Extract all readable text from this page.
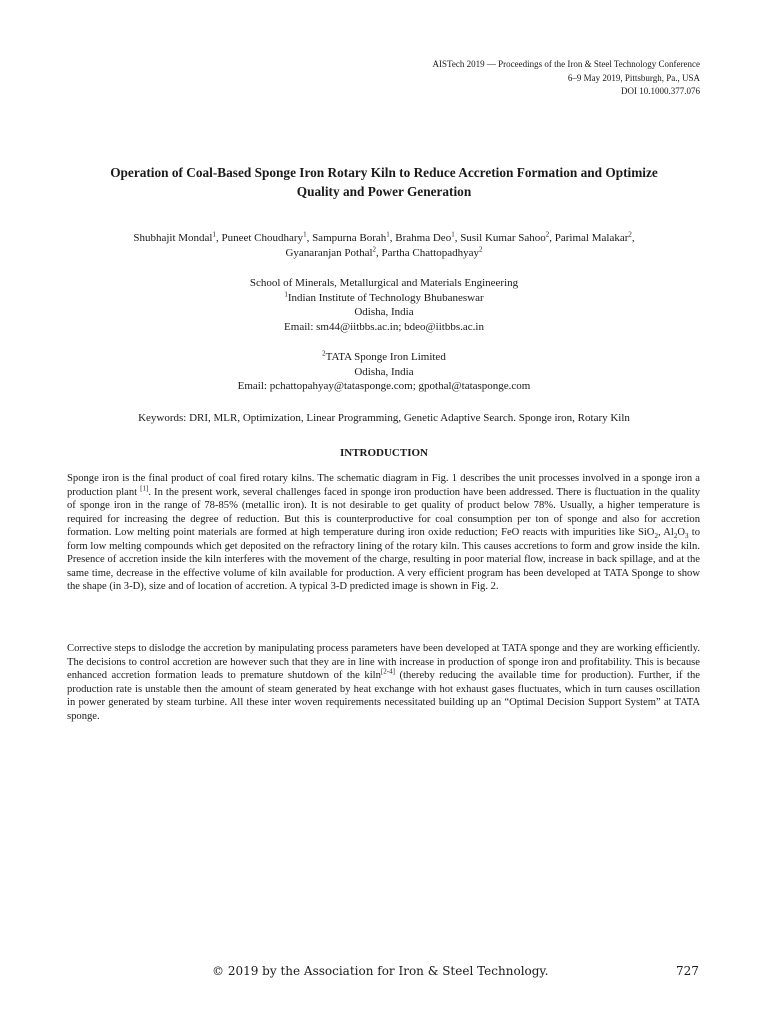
AISTech 2019 — Proceedings of the Iron & Steel Technology Conference
6–9 May 2019, Pittsburgh, Pa., USA
DOI 10.1000.377.076
Operation of Coal-Based Sponge Iron Rotary Kiln to Reduce Accretion Formation and Optimize
Quality and Power Generation
Shubhajit Mondal$^1$, Puneet Choudhary$^1$, Sampurna Borah$^1$, Brahma Deo$^1$, Susil Kumar Sahoo$^2$, Parimal Malakar$^2$,
Gyanaranjan Pothal$^2$, Partha Chattopadhyay$^2$
School of Minerals, Metallurgical and Materials Engineering
$^1$Indian Institute of Technology Bhubaneswar
Odisha, India
Email: sm44@iitbbs.ac.in; bdeo@iitbbs.ac.in
$^2$TATA Sponge Iron Limited
Odisha, India
Email: pchattopahyay@tatasponge.com; gpothal@tatasponge.com
Keywords: DRI, MLR, Optimization, Linear Programming, Genetic Adaptive Search. Sponge iron, Rotary Kiln
INTRODUCTION

Sponge iron is the final product of coal fired rotary kilns. The schematic diagram in Fig. 1 describes the unit processes involved in a sponge iron a production plant [1]. In the present work, several challenges faced in sponge iron production have been addressed. There is fluctuation in the quality of sponge iron in the range of 78-85% (metallic iron). It is not desirable to get quality of product below 78%. Usually, a higher temperature is required for increasing the degree of reduction. But this is counterproductive for coal consumption per ton of sponge and also for accretion formation. Low melting point materials are formed at high temperature during iron oxide reduction; FeO reacts with impurities like SiO$_2$, $Al_2O_3$ to form low melting compounds which get deposited on the refractory lining of the rotary kiln. This causes accretions to form and grow inside the kiln. Presence of accretion inside the kiln interferes with the movement of the charge, resulting in poor material flow, increase in back spillage, and at the same time, decrease in the effective volume of kiln available for production. A very efficient program has been developed at TATA Sponge to show the shape (in 3-D), size and of location of accretion. A typical 3-D predicted image is shown in Fig. 2.

Corrective steps to dislodge the accretion by manipulating process parameters have been developed at TATA sponge and they are working efficiently. The decisions to control accretion are however such that they are in line with increase in production of sponge iron and profitability. This is because enhanced accretion formation leads to premature shutdown of the kiln[2-4] (thereby reducing the available time for production). Further, if the production rate is unstable then the amount of steam generated by heat exchange with hot exhaust gases fluctuates, which in turn causes oscillation in power generated by steam turbine. All these inter woven requirements necessitated building up an “Optimal Decision Support System” at TATA sponge.

© 2019 by the Association for Iron & Steel Technology.	727
